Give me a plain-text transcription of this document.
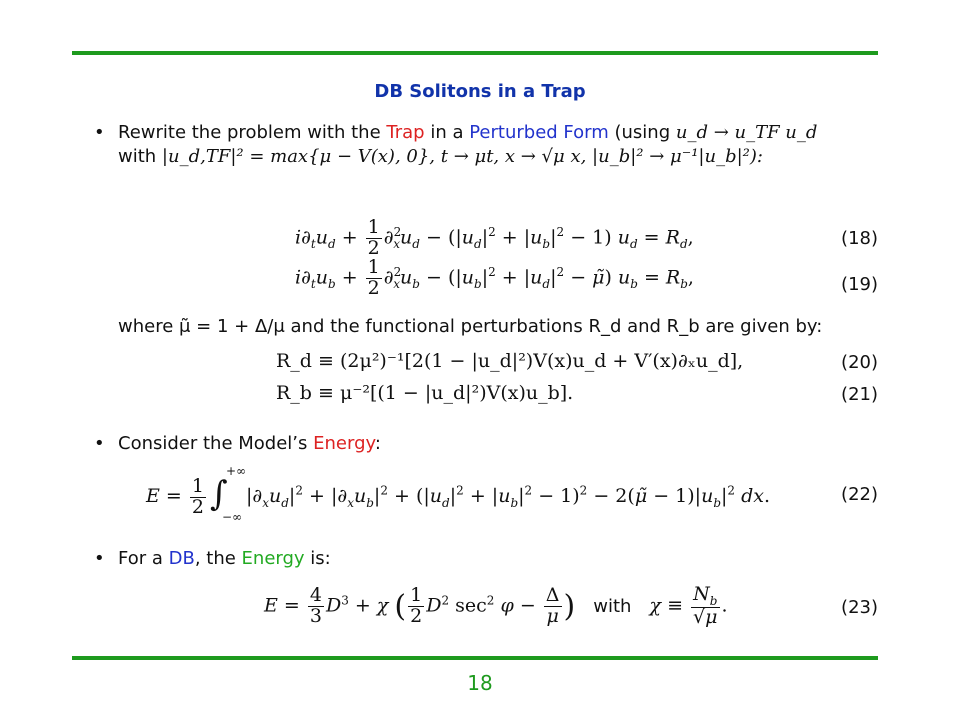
DB Solitons in a Trap
• Rewrite the problem with the Trap in a Perturbed Form (using u_d → u_TF u_d
with |u_d,TF|² = max{μ − V(x), 0}, t → μt, x → √μ x, |u_b|² → μ⁻¹|u_b|²):
$i\partial_tu_d + \frac{1}{2} \partial^2_xu_d - (|u_d|^2 + |u_b|^2 - 1) u_d = R_d$,	(18)
$i\partial_tu_b + \frac{1}{2} \partial^2_xu_b - (|u_b|^2 + |u_d|^2$ − μ̃) $u_b = R_b$,	(19)
where μ̃ = 1 + Δ/μ and the functional perturbations R_d and R_b are given by:
R_d ≡ (2μ²)⁻¹[2(1 − |u_d|²)V(x)u_d + V′(x)∂ₓu_d],	(20)
R_b ≡ μ⁻²[(1 − |u_d|²)V(x)u_b].	(21)
• Consider the Model’s Energy:
$E = \frac{1}{2}$ ∫
+∞
−∞
$|\partial_xu_d|^2 + |\partial_xu_b|^2 + (|u_d|^2 + |u_b|^2 - 1)^2$ − 2(μ̃ − $1)|u_b|^2$ dx.	(22)
• For a DB, the Energy is:
$E = \frac{4}{3} D^3 + \chi$ ( $\frac{1}{2} D^2$ $\sec^2 \varphi - \frac{\Delta}{\mu}$ ) with $\chi \equiv \frac{N_b}{√\mu}$ .	(23)
18
